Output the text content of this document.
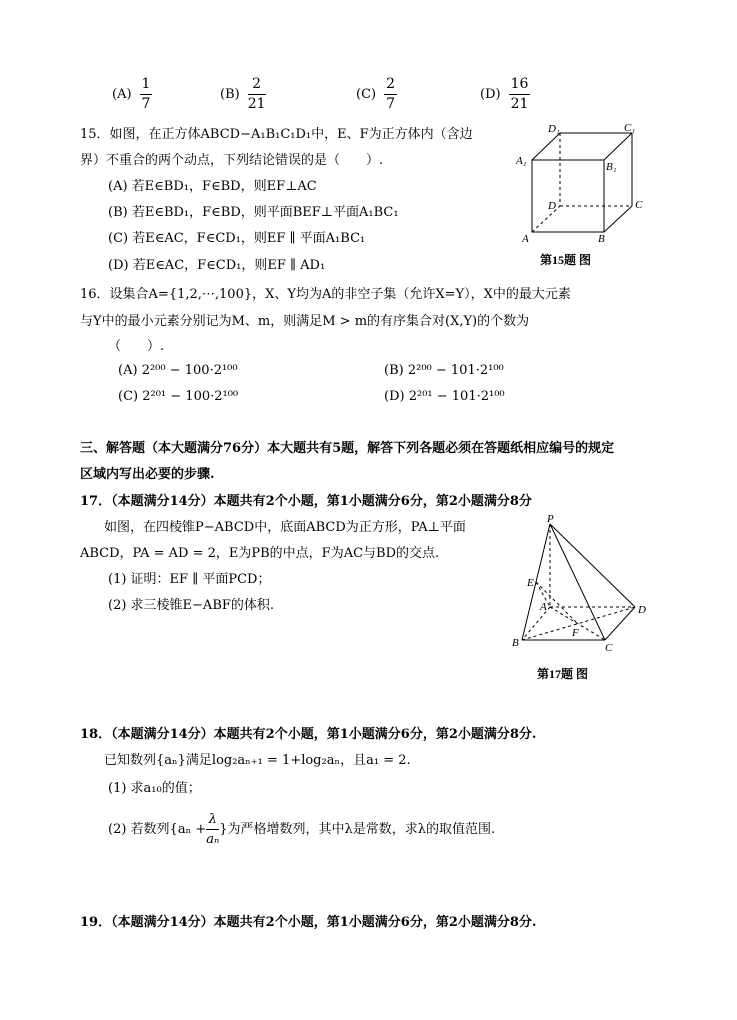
$(A) \frac{1}{7}$	$(B) \frac{2}{21}$	$(C) \frac{2}{7}$	$(D) \frac{16}{21}$
15．如图，在正方体ABCD−A₁B₁C₁D₁中，E、F为正方体内（含边
界）不重合的两个动点，下列结论错误的是（　　）.
(A) 若E∈BD₁，F∈BD，则EF⊥AC
(B) 若E∈BD₁，F∈BD，则平面BEF⊥平面A₁BC₁
(C) 若E∈AC，F∈CD₁，则EF ∥ 平面A₁BC₁
(D) 若E∈AC，F∈CD₁，则EF ∥ AD₁
D₁	C₁
A₁	B₁
D	C
A	B
第15题 图
16．设集合A={1,2,⋯,100}，X、Y均为A的非空子集（允许X=Y），X中的最大元素
与Y中的最小元素分别记为M、m，则满足M > m的有序集合对(X,Y)的个数为
（　　）.
(A) 2²⁰⁰ − 100·2¹⁰⁰	(B) 2²⁰⁰ − 101·2¹⁰⁰
(C) 2²⁰¹ − 100·2¹⁰⁰	(D) 2²⁰¹ − 101·2¹⁰⁰
三、解答题（本大题满分76分）本大题共有5题，解答下列各题必须在答题纸相应编号的规定
区域内写出必要的步骤.
17．（本题满分14分）本题共有2个小题，第1小题满分6分，第2小题满分8分
如图，在四棱锥P−ABCD中，底面ABCD为正方形，PA⊥平面
ABCD，PA = AD = 2，E为PB的中点，F为AC与BD的交点.
(1) 证明：EF ∥ 平面PCD；
(2) 求三棱锥E−ABF的体积.
P
E
A	D
F
B	C
第17题 图
18．（本题满分14分）本题共有2个小题，第1小题满分6分，第2小题满分8分.
已知数列{aₙ}满足log₂aₙ₊₁ = 1+log₂aₙ，且a₁ = 2.
(1) 求a₁₀的值；
(2) 若数列{$a_n + \frac{\lambda}{\text{aₙ}}$ }为严格增数列，其中λ是常数，求λ的取值范围.
19．（本题满分14分）本题共有2个小题，第1小题满分6分，第2小题满分8分.
